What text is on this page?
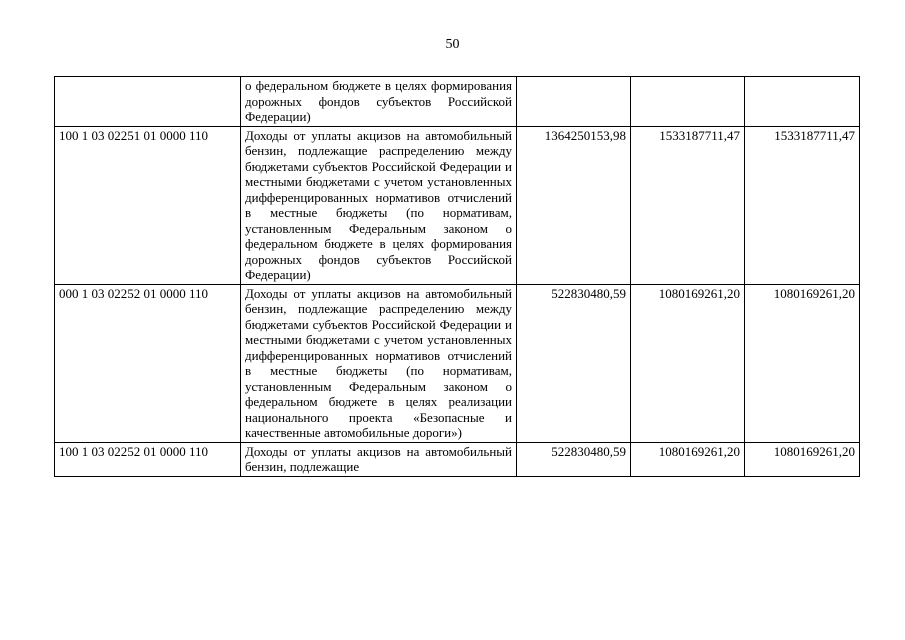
50
	о федеральном бюджете в целях формирования дорожных фондов субъектов Российской Федерации)			
100 1 03 02251 01 0000 110	Доходы от уплаты акцизов на автомобильный бензин, подлежащие распределению между бюджетами субъектов Российской Федерации и местными бюджетами с учетом установленных дифференцированных нормативов отчислений в местные бюджеты (по нормативам, установленным Федеральным законом о федеральном бюджете в целях формирования дорожных фондов субъектов Российской Федерации)	1364250153,98	1533187711,47	1533187711,47
000 1 03 02252 01 0000 110	Доходы от уплаты акцизов на автомобильный бензин, подлежащие распределению между бюджетами субъектов Российской Федерации и местными бюджетами с учетом установленных дифференцированных нормативов отчислений в местные бюджеты (по нормативам, установленным Федеральным законом о федеральном бюджете в целях реализации национального проекта «Безопасные и качественные автомобильные дороги»)	522830480,59	1080169261,20	1080169261,20
100 1 03 02252 01 0000 110	Доходы от уплаты акцизов на автомобильный бензин, подлежащие	522830480,59	1080169261,20	1080169261,20
